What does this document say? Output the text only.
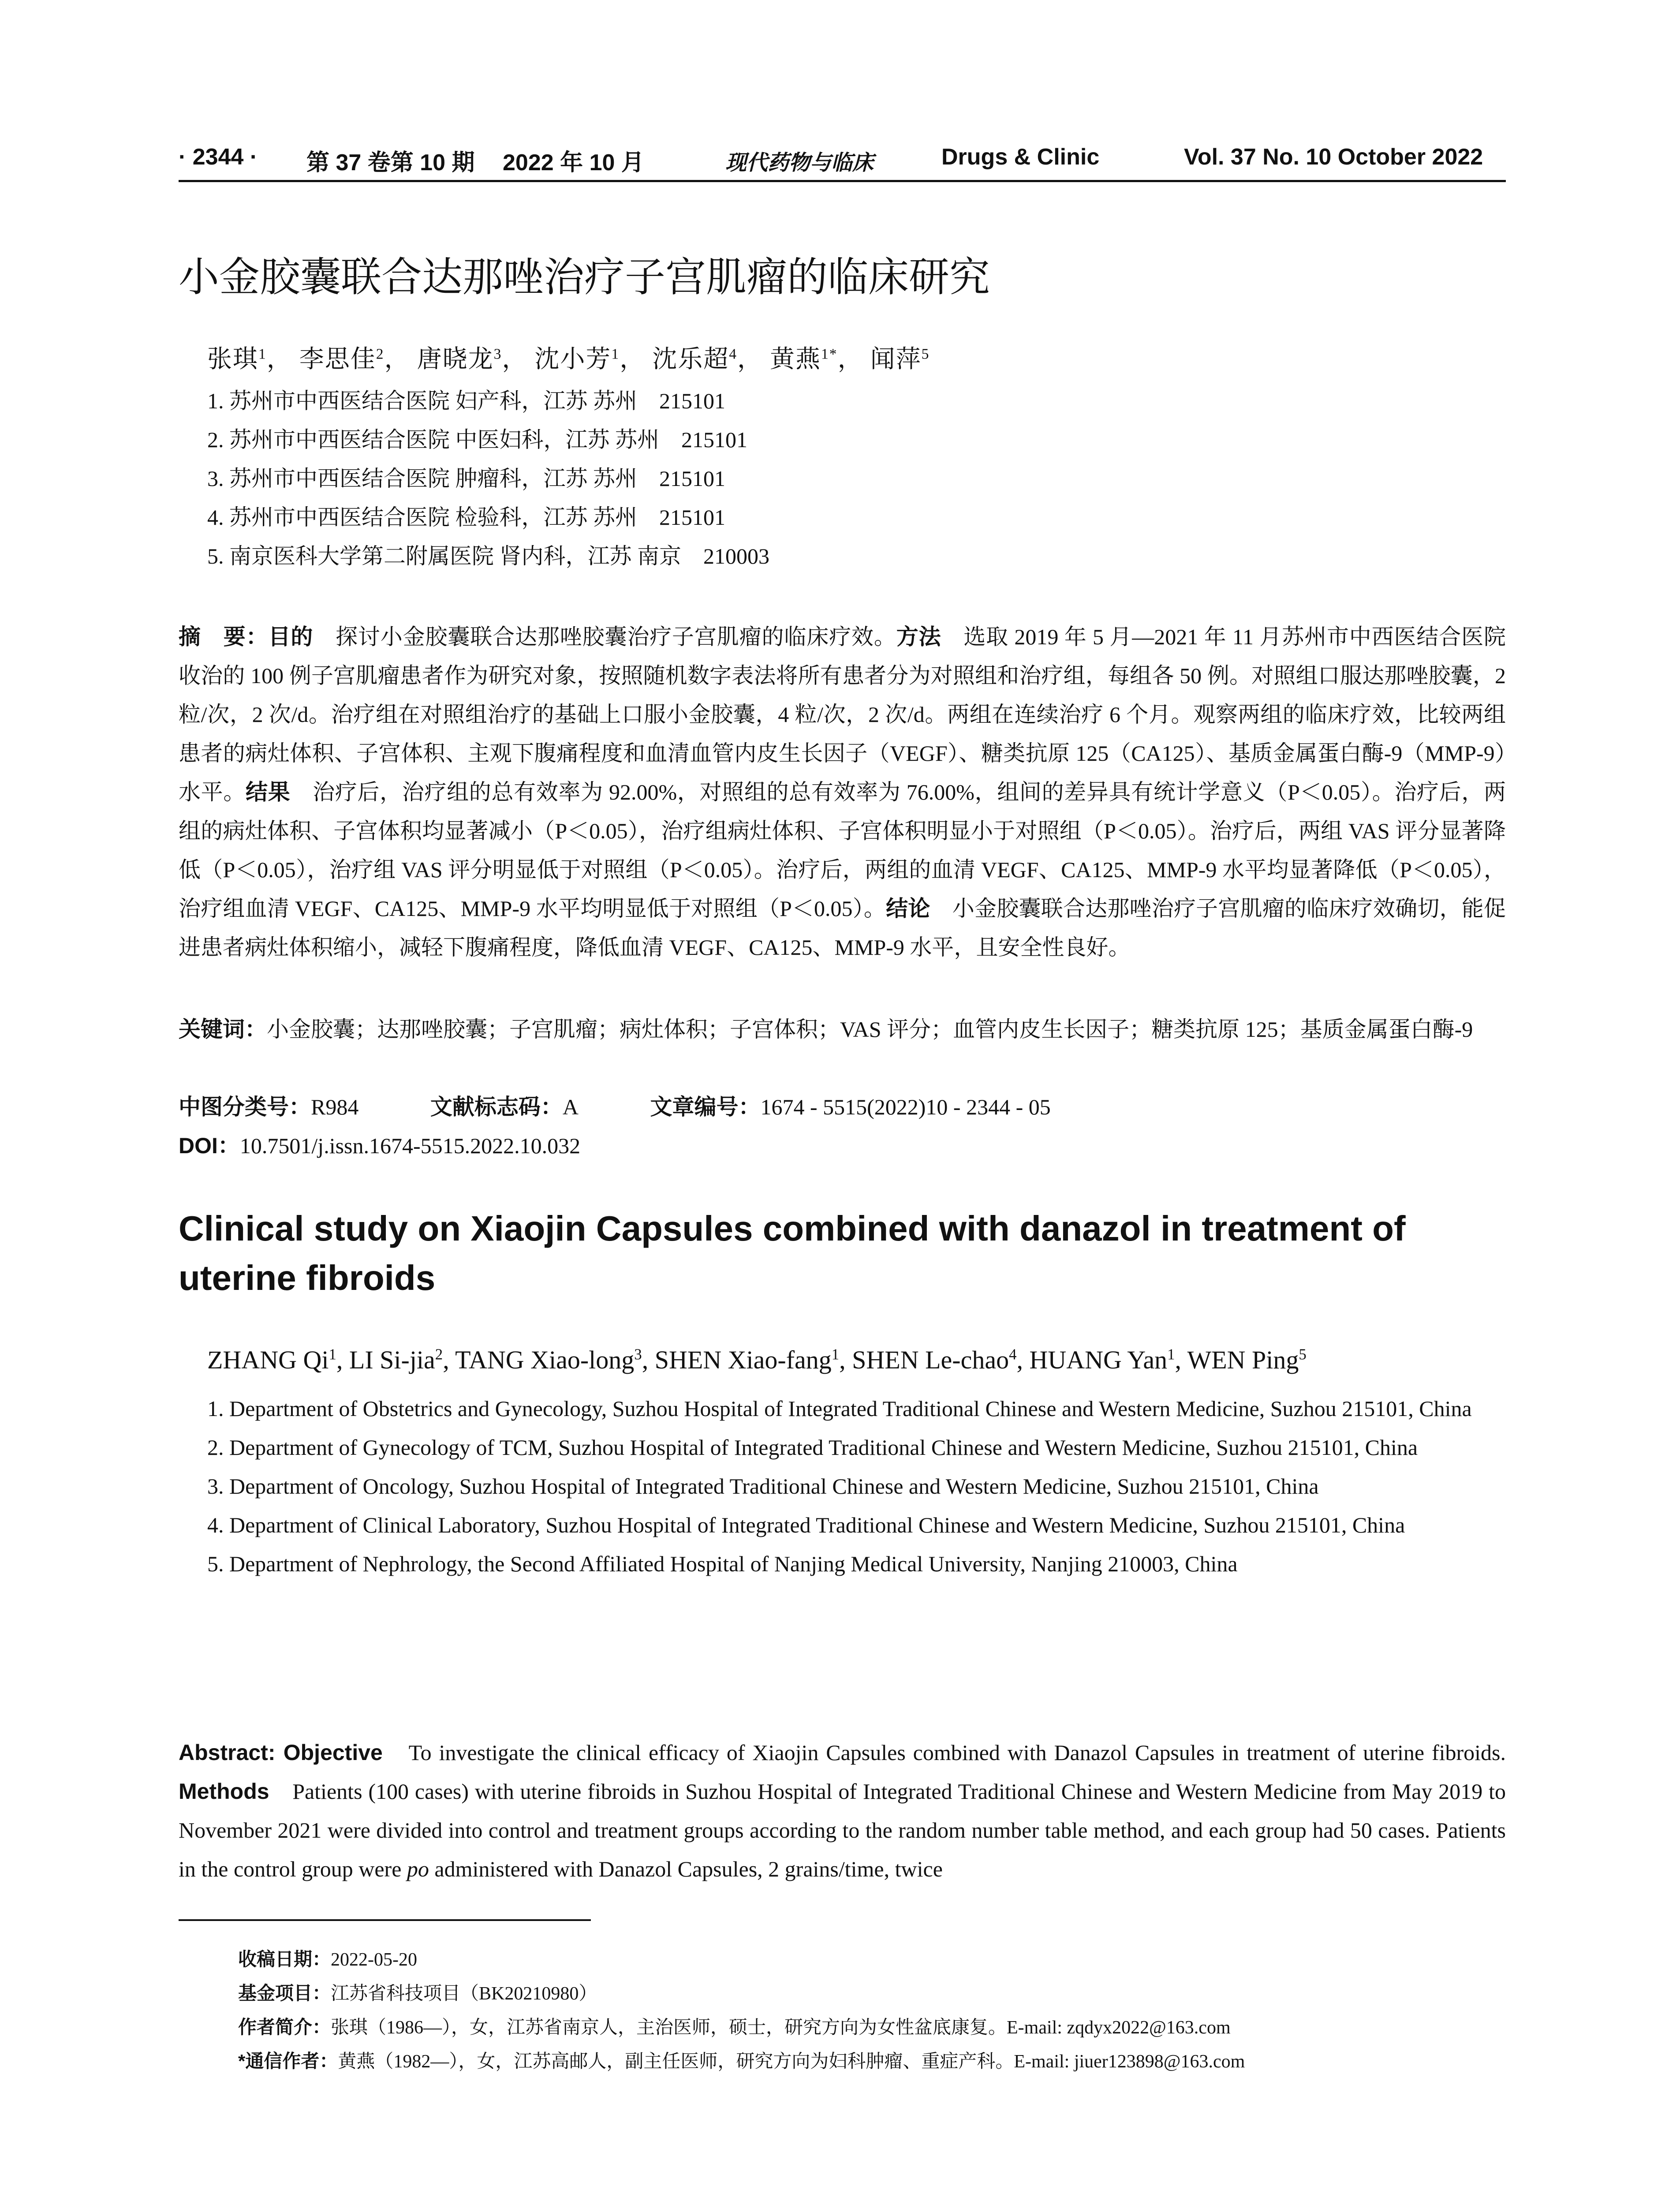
· 2344 · 第 37 卷第 10 期 2022 年 10 月	现代药物与临床	Drugs & Clinic	Vol. 37 No. 10 October 2022
小金胶囊联合达那唑治疗子宫肌瘤的临床研究
张琪$^1$， 李思佳$^2$， 唐晓龙$^3$， 沈小芳$^1$， 沈乐超$^4$， 黄燕$^{1*}$， 闻萍$^5$
1. 苏州市中西医结合医院 妇产科，江苏 苏州　215101
2. 苏州市中西医结合医院 中医妇科，江苏 苏州　215101
3. 苏州市中西医结合医院 肿瘤科，江苏 苏州　215101
4. 苏州市中西医结合医院 检验科，江苏 苏州　215101
5. 南京医科大学第二附属医院 肾内科，江苏 南京　210003
摘　要：目的　探讨小金胶囊联合达那唑胶囊治疗子宫肌瘤的临床疗效。方法　选取 2019 年 5 月—2021 年 11 月苏州市中西医结合医院收治的 100 例子宫肌瘤患者作为研究对象，按照随机数字表法将所有患者分为对照组和治疗组，每组各 50 例。对照组口服达那唑胶囊，2 粒/次，2 次/d。治疗组在对照组治疗的基础上口服小金胶囊，4 粒/次，2 次/d。两组在连续治疗 6 个月。观察两组的临床疗效，比较两组患者的病灶体积、子宫体积、主观下腹痛程度和血清血管内皮生长因子（VEGF）、糖类抗原 125（CA125）、基质金属蛋白酶-9（MMP-9）水平。结果　治疗后，治疗组的总有效率为 92.00%，对照组的总有效率为 76.00%，组间的差异具有统计学意义（P＜0.05）。治疗后，两组的病灶体积、子宫体积均显著减小（P＜0.05），治疗组病灶体积、子宫体积明显小于对照组（P＜0.05）。治疗后，两组 VAS 评分显著降低（P＜0.05），治疗组 VAS 评分明显低于对照组（P＜0.05）。治疗后，两组的血清 VEGF、CA125、MMP-9 水平均显著降低（P＜0.05），治疗组血清 VEGF、CA125、MMP-9 水平均明显低于对照组（P＜0.05）。结论　小金胶囊联合达那唑治疗子宫肌瘤的临床疗效确切，能促进患者病灶体积缩小，减轻下腹痛程度，降低血清 VEGF、CA125、MMP-9 水平，且安全性良好。
关键词：小金胶囊；达那唑胶囊；子宫肌瘤；病灶体积；子宫体积；VAS 评分；血管内皮生长因子；糖类抗原 125；基质金属蛋白酶-9
中图分类号：R984	文献标志码：A	文章编号：1674 - 5515(2022)10 - 2344 - 05
DOI：10.7501/j.issn.1674-5515.2022.10.032
Clinical study on Xiaojin Capsules combined with danazol in treatment of uterine fibroids
ZHANG Qi$^1$, LI Si-jia$^2$, TANG Xiao-long$^3$, SHEN Xiao-fang$^1$, SHEN Le-chao$^4$, HUANG Yan$^1$, WEN Ping$^5$
1. Department of Obstetrics and Gynecology, Suzhou Hospital of Integrated Traditional Chinese and Western Medicine, Suzhou 215101, China
2. Department of Gynecology of TCM, Suzhou Hospital of Integrated Traditional Chinese and Western Medicine, Suzhou 215101, China
3. Department of Oncology, Suzhou Hospital of Integrated Traditional Chinese and Western Medicine, Suzhou 215101, China
4. Department of Clinical Laboratory, Suzhou Hospital of Integrated Traditional Chinese and Western Medicine, Suzhou 215101, China
5. Department of Nephrology, the Second Affiliated Hospital of Nanjing Medical University, Nanjing 210003, China
Abstract: Objective　To investigate the clinical efficacy of Xiaojin Capsules combined with Danazol Capsules in treatment of uterine fibroids. Methods　Patients (100 cases) with uterine fibroids in Suzhou Hospital of Integrated Traditional Chinese and Western Medicine from May 2019 to November 2021 were divided into control and treatment groups according to the random number table method, and each group had 50 cases. Patients in the control group were po administered with Danazol Capsules, 2 grains/time, twice
收稿日期：2022-05-20
基金项目：江苏省科技项目（BK20210980）
作者简介：张琪（1986—），女，江苏省南京人，主治医师，硕士，研究方向为女性盆底康复。E-mail: zqdyx2022@163.com
*通信作者：黄燕（1982—），女，江苏高邮人，副主任医师，研究方向为妇科肿瘤、重症产科。E-mail: jiuer123898@163.com
